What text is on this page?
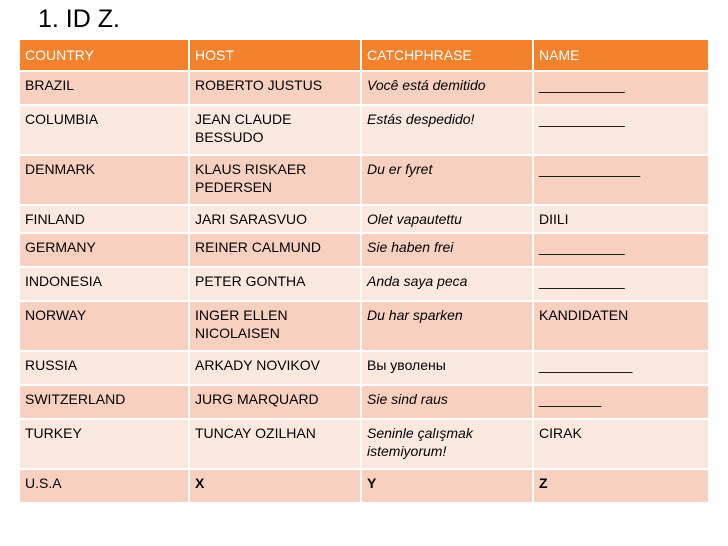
1. ID Z.
COUNTRY	HOST	CATCHPHRASE	NAME
BRAZIL	ROBERTO JUSTUS	Você está demitido	___________
COLUMBIA	JEAN CLAUDE BESSUDO	Estás despedido!	___________
DENMARK	KLAUS RISKAER PEDERSEN	Du er fyret	_____________
FINLAND	JARI SARASVUO	Olet vapautettu	DIILI
GERMANY	REINER CALMUND	Sie haben frei	___________
INDONESIA	PETER GONTHA	Anda saya peca	___________
NORWAY	INGER ELLEN NICOLAISEN	Du har sparken	KANDIDATEN
RUSSIA	ARKADY NOVIKOV	Вы уволены	____________
SWITZERLAND	JURG MARQUARD	Sie sind raus	________
TURKEY	TUNCAY OZILHAN	Seninle çalışmak istemiyorum!	CIRAK
U.S.A	X	Y	Z
